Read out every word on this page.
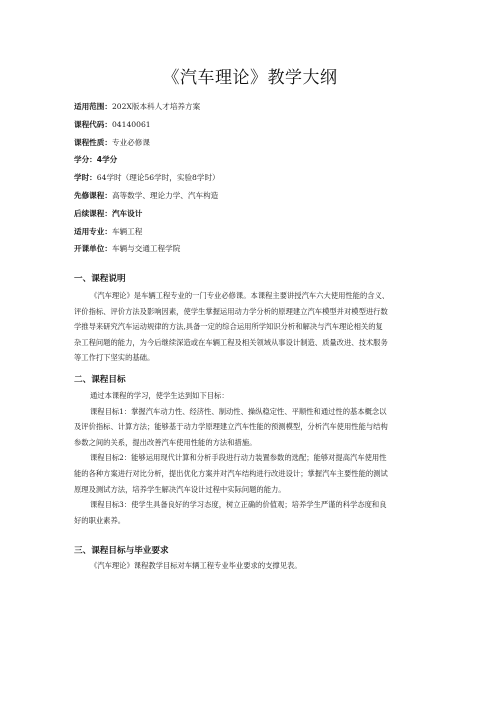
《汽车理论》教学大纲
适用范围：202X版本科人才培养方案
课程代码：04140061
课程性质：专业必修课
学分：4学分
学时：64学时（理论56学时，实验8学时）
先修课程：高等数学、理论力学、汽车构造
后续课程：汽车设计
适用专业：车辆工程
开课单位：车辆与交通工程学院
一、课程说明
《汽车理论》是车辆工程专业的一门专业必修课。本课程主要讲授汽车六大使用性能的含义、
评价指标、评价方法及影响因素，使学生掌握运用动力学分析的原理建立汽车模型并对模型进行数
学推导来研究汽车运动规律的方法,具备一定的综合运用所学知识分析和解决与汽车理论相关的复
杂工程问题的能力，为今后继续深造或在车辆工程及相关领域从事设计制造、质量改进、技术服务
等工作打下坚实的基础。
二、课程目标
通过本课程的学习，使学生达到如下目标：
课程目标1：掌握汽车动力性、经济性、制动性、操纵稳定性、平顺性和通过性的基本概念以
及评价指标、计算方法；能够基于动力学原理建立汽车性能的预测模型，分析汽车使用性能与结构
参数之间的关系，提出改善汽车使用性能的方法和措施。
课程目标2：能够运用现代计算和分析手段进行动力装置参数的选配；能够对提高汽车使用性
能的各种方案进行对比分析，提出优化方案并对汽车结构进行改进设计；掌握汽车主要性能的测试
原理及测试方法，培养学生解决汽车设计过程中实际问题的能力。
课程目标3：使学生具备良好的学习态度，树立正确的价值观；培养学生严谨的科学态度和良
好的职业素养。
三、课程目标与毕业要求
《汽车理论》课程教学目标对车辆工程专业毕业要求的支撑见表。
